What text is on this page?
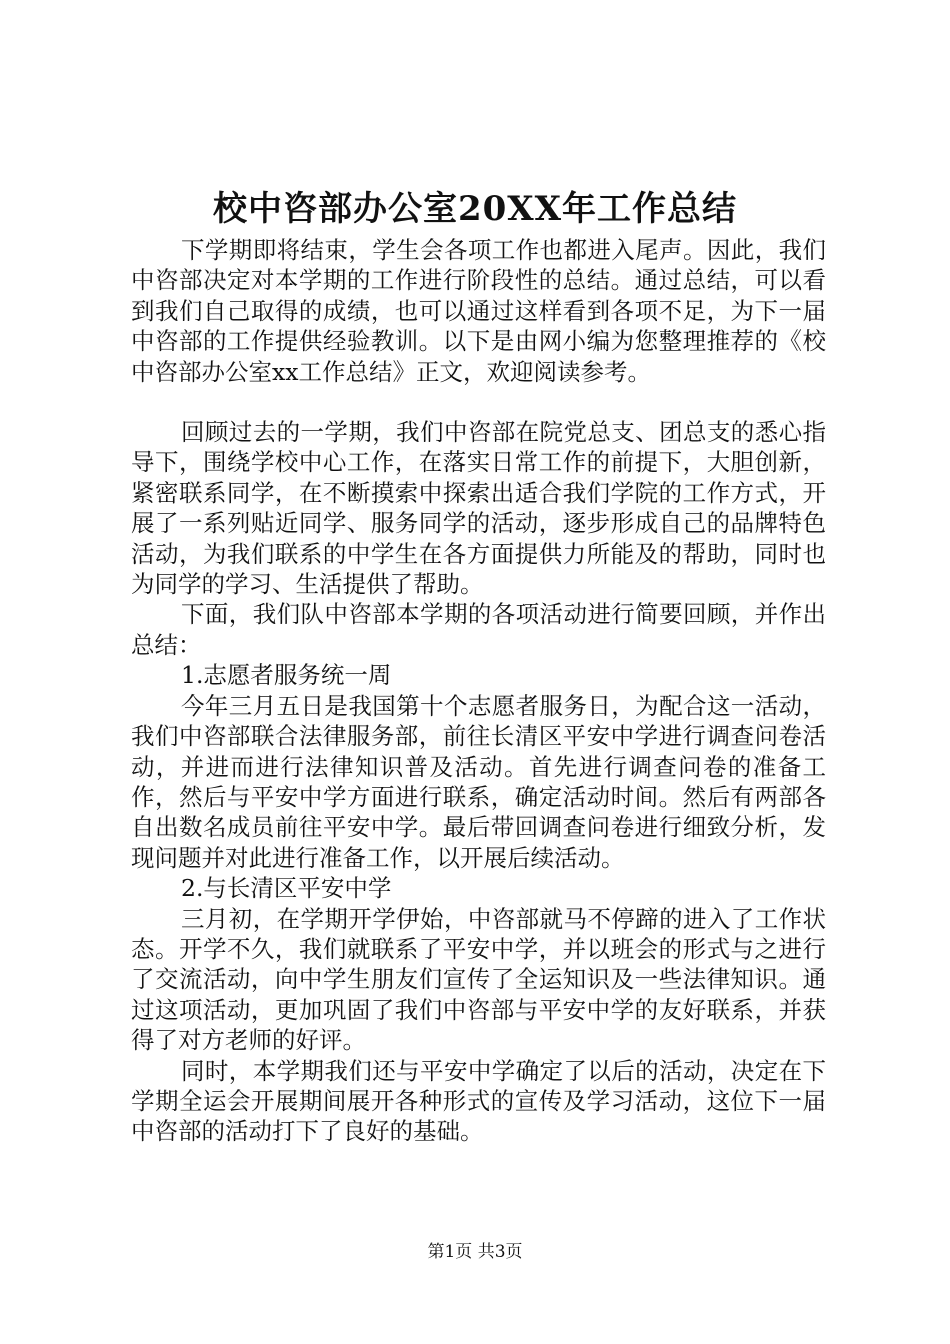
校中咨部办公室20XX年工作总结

下学期即将结束，学生会各项工作也都进入尾声。因此，我们中咨部决定对本学期的工作进行阶段性的总结。通过总结，可以看到我们自己取得的成绩，也可以通过这样看到各项不足，为下一届中咨部的工作提供经验教训。以下是由网小编为您整理推荐的《校中咨部办公室xx工作总结》正文，欢迎阅读参考。

回顾过去的一学期，我们中咨部在院党总支、团总支的悉心指导下，围绕学校中心工作，在落实日常工作的前提下，大胆创新，紧密联系同学，在不断摸索中探索出适合我们学院的工作方式，开展了一系列贴近同学、服务同学的活动，逐步形成自己的品牌特色活动，为我们联系的中学生在各方面提供力所能及的帮助，同时也为同学的学习、生活提供了帮助。

下面，我们队中咨部本学期的各项活动进行简要回顾，并作出总结：

1.志愿者服务统一周

今年三月五日是我国第十个志愿者服务日，为配合这一活动，我们中咨部联合法律服务部，前往长清区平安中学进行调查问卷活动，并进而进行法律知识普及活动。首先进行调查问卷的准备工作，然后与平安中学方面进行联系，确定活动时间。然后有两部各自出数名成员前往平安中学。最后带回调查问卷进行细致分析，发现问题并对此进行准备工作，以开展后续活动。

2.与长清区平安中学

三月初，在学期开学伊始，中咨部就马不停蹄的进入了工作状态。开学不久，我们就联系了平安中学，并以班会的形式与之进行了交流活动，向中学生朋友们宣传了全运知识及一些法律知识。通过这项活动，更加巩固了我们中咨部与平安中学的友好联系，并获得了对方老师的好评。

同时，本学期我们还与平安中学确定了以后的活动，决定在下学期全运会开展期间展开各种形式的宣传及学习活动，这位下一届中咨部的活动打下了良好的基础。

第1页 共3页
